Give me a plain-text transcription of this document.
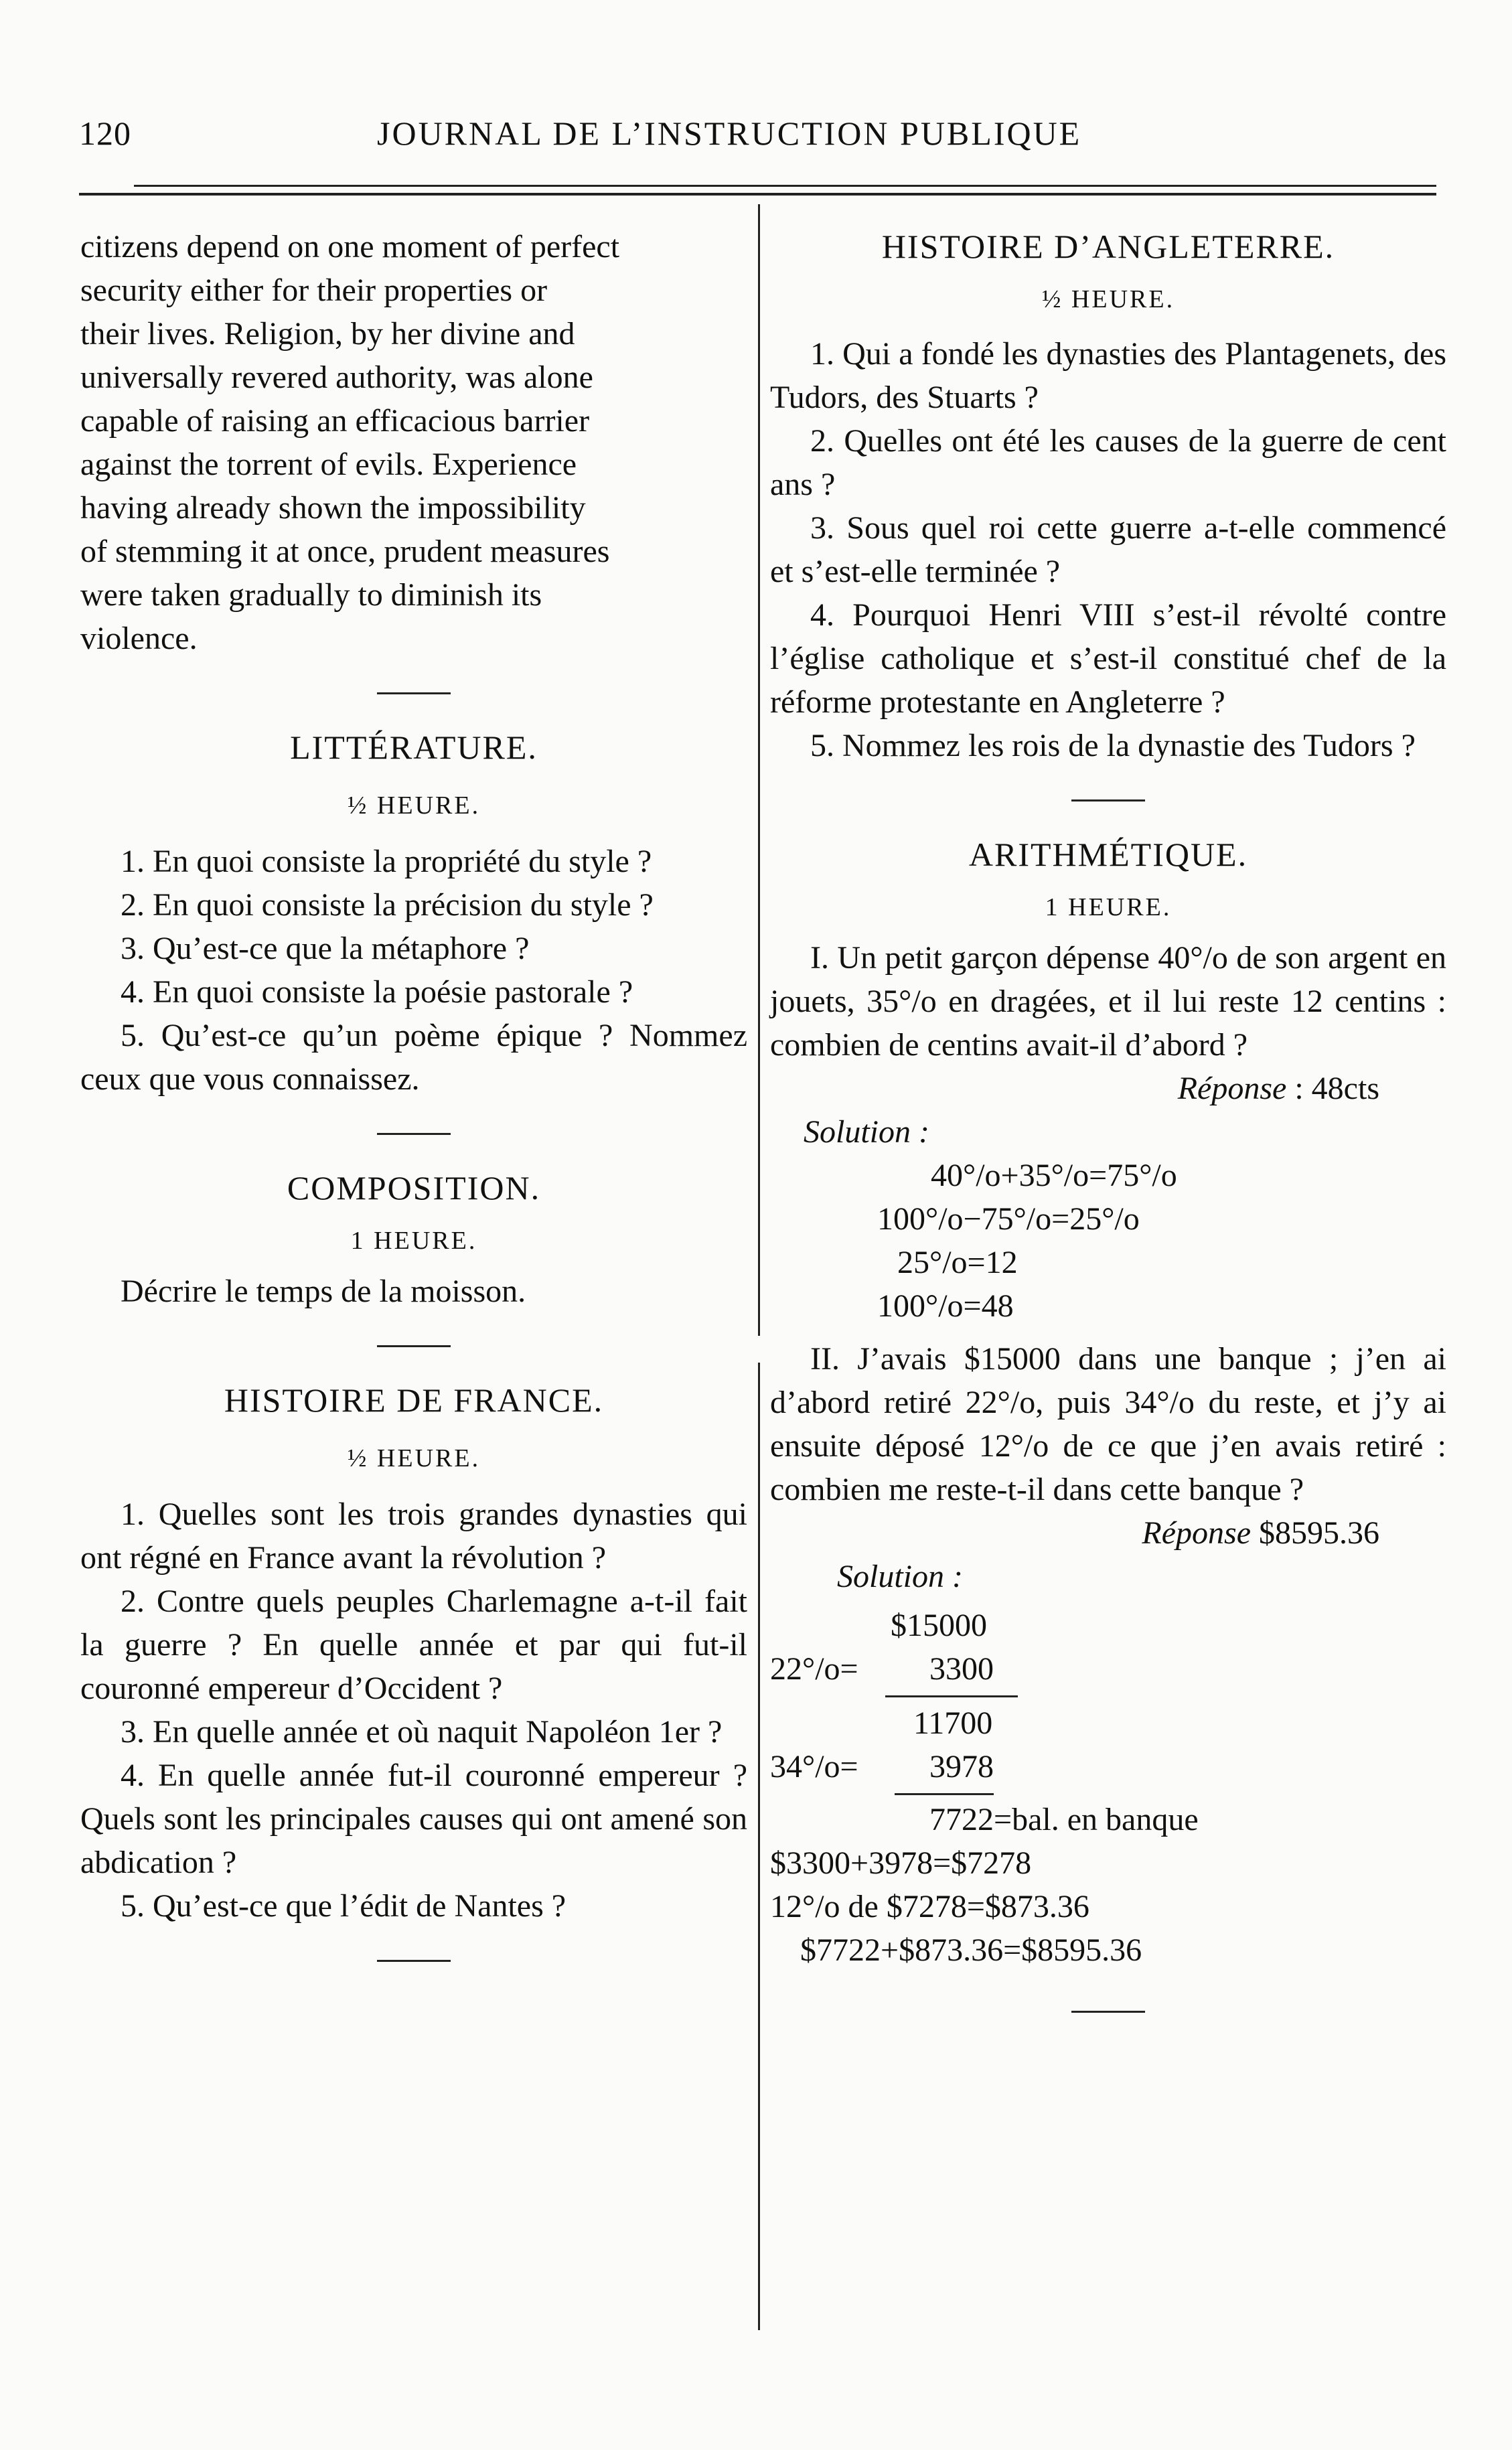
120	JOURNAL DE L’INSTRUCTION PUBLIQUE

citizens depend on one moment of perfect

security either for their properties or

their lives. Religion, by her divine and

universally revered authority, was alone

capable of raising an efficacious barrier

against the torrent of evils. Experience

having already shown the impossibility

of stemming it at once, prudent measures

were taken gradually to diminish its

violence.

LITTÉRATURE.

½ HEURE.

1. En quoi consiste la propriété du style ?

2. En quoi consiste la précision du style ?

3. Qu’est-ce que la métaphore ?

4. En quoi consiste la poésie pastorale ?

5. Qu’est-ce qu’un poème épique ? Nommez ceux que vous connaissez.

COMPOSITION.

1 HEURE.

Décrire le temps de la moisson.

HISTOIRE DE FRANCE.

½ HEURE.

1. Quelles sont les trois grandes dynasties qui ont régné en France avant la révolution ?

2. Contre quels peuples Charlemagne a-t-il fait la guerre ? En quelle année et par qui fut-il couronné empereur d’Occident ?

3. En quelle année et où naquit Napoléon 1er ?

4. En quelle année fut-il couronné empereur ? Quels sont les principales causes qui ont amené son abdication ?

5. Qu’est-ce que l’édit de Nantes ?

HISTOIRE D’ANGLETERRE.

½ HEURE.

1. Qui a fondé les dynasties des Plantagenets, des Tudors, des Stuarts ?

2. Quelles ont été les causes de la guerre de cent ans ?

3. Sous quel roi cette guerre a-t-elle commencé et s’est-elle terminée ?

4. Pourquoi Henri VIII s’est-il révolté contre l’église catholique et s’est-il constitué chef de la réforme protestante en Angleterre ?

5. Nommez les rois de la dynastie des Tudors ?

ARITHMÉTIQUE.

1 HEURE.

I. Un petit garçon dépense 40°/o de son argent en jouets, 35°/o en dragées, et il lui reste 12 centins : combien de centins avait-il d’abord ?

Réponse : 48cts

Solution :

40°/o+35°/o=75°/o

100°/o−75°/o=25°/o

25°/o=12

100°/o=48

II. J’avais $15000 dans une banque ; j’en ai d’abord retiré 22°/o, puis 34°/o du reste, et j’y ai ensuite déposé 12°/o de ce que j’en avais retiré : combien me reste-t-il dans cette banque ?

Réponse $8595.36

Solution :

$15000
22°/o= 3300
11700
34°/o= 3978
7722=bal. en banque
$3300+3978=$7278
12°/o de $7278=$873.36
$7722+$873.36=$8595.36
